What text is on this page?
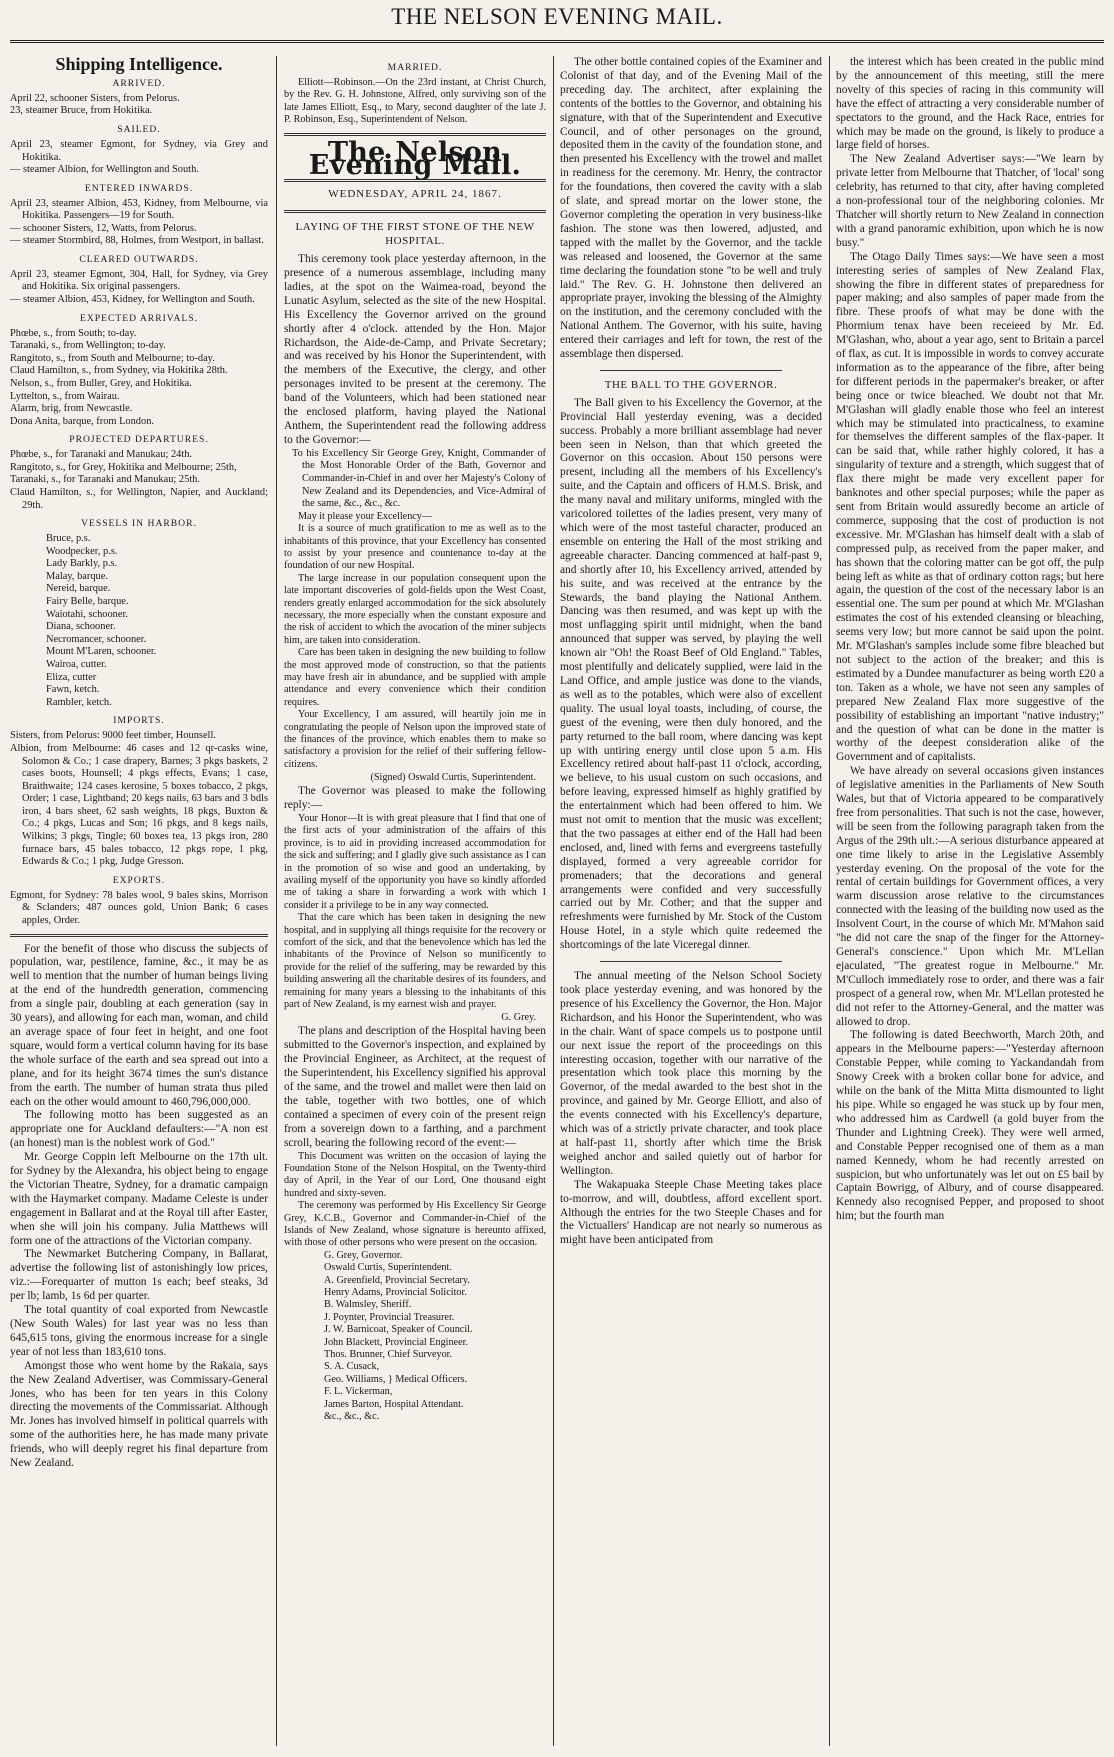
THE NELSON EVENING MAIL.
Shipping Intelligence.
ARRIVED.
April 22, schooner Sisters, from Pelorus.
23, steamer Bruce, from Hokitika.
SAILED.
April 23, steamer Egmont, for Sydney, via Grey and Hokitika.
— steamer Albion, for Wellington and South.
ENTERED INWARDS.
April 23, steamer Albion, 453, Kidney, from Melbourne, via Hokitika. Passengers—19 for South.
— schooner Sisters, 12, Watts, from Pelorus.
— steamer Stormbird, 88, Holmes, from Westport, in ballast.
CLEARED OUTWARDS.
April 23, steamer Egmont, 304, Hall, for Sydney, via Grey and Hokitika. Six original passengers.
— steamer Albion, 453, Kidney, for Wellington and South.
EXPECTED ARRIVALS.
Phœbe, s., from South; to-day.
Taranaki, s., from Wellington; to-day.
Rangitoto, s., from South and Melbourne; to-day.
Claud Hamilton, s., from Sydney, via Hokitika 28th.
Nelson, s., from Buller, Grey, and Hokitika.
Lyttelton, s., from Wairau.
Alarm, brig, from Newcastle.
Dona Anita, barque, from London.
PROJECTED DEPARTURES.
Phœbe, s., for Taranaki and Manukau; 24th.
Rangitoto, s., for Grey, Hokitika and Melbourne; 25th,
Taranaki, s., for Taranaki and Manukau; 25th.
Claud Hamilton, s., for Wellington, Napier, and Auckland; 29th.
VESSELS IN HARBOR.
Bruce, p.s.
Woodpecker, p.s.
Lady Barkly, p.s.
Malay, barque.
Nereid, barque.
Fairy Belle, barque.
Waiotahi, schooner.
Diana, schooner.
Necromancer, schooner.
Mount M'Laren, schooner.
Wairoa, cutter.
Eliza, cutter
Fawn, ketch.
Rambler, ketch.
IMPORTS.
Sisters, from Pelorus: 9000 feet timber, Hounsell.
Albion, from Melbourne: 46 cases and 12 qr-casks wine, Solomon & Co.; 1 case drapery, Barnes; 3 pkgs baskets, 2 cases boots, Hounsell; 4 pkgs effects, Evans; 1 case, Braithwaite; 124 cases kerosine, 5 boxes tobacco, 2 pkgs, Order; 1 case, Lightband; 20 kegs nails, 63 bars and 3 bdls iron, 4 bars sheet, 62 sash weights, 18 pkgs, Buxton & Co.; 4 pkgs, Lucas and Son; 16 pkgs, and 8 kegs nails, Wilkins; 3 pkgs, Tingle; 60 boxes tea, 13 pkgs iron, 280 furnace bars, 45 bales tobacco, 12 pkgs rope, 1 pkg, Edwards & Co.; 1 pkg, Judge Gresson.
EXPORTS.
Egmont, for Sydney: 78 bales wool, 9 bales skins, Morrison & Sclanders; 487 ounces gold, Union Bank; 6 cases apples, Order.

For the benefit of those who discuss the subjects of population, war, pestilence, famine, &c., it may be as well to mention that the number of human beings living at the end of the hundredth generation, commencing from a single pair, doubling at each generation (say in 30 years), and allowing for each man, woman, and child an average space of four feet in height, and one foot square, would form a vertical column having for its base the whole surface of the earth and sea spread out into a plane, and for its height 3674 times the sun's distance from the earth. The number of human strata thus piled each on the other would amount to 460,796,000,000.

The following motto has been suggested as an appropriate one for Auckland defaulters:—"A non est (an honest) man is the noblest work of God."

Mr. George Coppin left Melbourne on the 17th ult. for Sydney by the Alexandra, his object being to engage the Victorian Theatre, Sydney, for a dramatic campaign with the Haymarket company. Madame Celeste is under engagement in Ballarat and at the Royal till after Easter, when she will join his company. Julia Matthews will form one of the attractions of the Victorian company.

The Newmarket Butchering Company, in Ballarat, advertise the following list of astonishingly low prices, viz.:—Forequarter of mutton 1s each; beef steaks, 3d per lb; lamb, 1s 6d per quarter.

The total quantity of coal exported from Newcastle (New South Wales) for last year was no less than 645,615 tons, giving the enormous increase for a single year of not less than 183,610 tons.

Amongst those who went home by the Rakaia, says the New Zealand Advertiser, was Commissary-General Jones, who has been for ten years in this Colony directing the movements of the Commissariat. Although Mr. Jones has involved himself in political quarrels with some of the authorities here, he has made many private friends, who will deeply regret his final departure from New Zealand.

MARRIED.

Elliott—Robinson.—On the 23rd instant, at Christ Church, by the Rev. G. H. Johnstone, Alfred, only surviving son of the late James Elliott, Esq., to Mary, second daughter of the late J. P. Robinson, Esq., Superintendent of Nelson.

The Nelson Evening Mail.
WEDNESDAY, APRIL 24, 1867.
LAYING OF THE FIRST STONE OF THE NEW HOSPITAL.

This ceremony took place yesterday afternoon, in the presence of a numerous assemblage, including many ladies, at the spot on the Waimea-road, beyond the Lunatic Asylum, selected as the site of the new Hospital. His Excellency the Governor arrived on the ground shortly after 4 o'clock. attended by the Hon. Major Richardson, the Aide-de-Camp, and Private Secretary; and was received by his Honor the Superintendent, with the members of the Executive, the clergy, and other personages invited to be present at the ceremony. The band of the Volunteers, which had been stationed near the enclosed platform, having played the National Anthem, the Superintendent read the following address to the Governor:—

To his Excellency Sir George Grey, Knight, Commander of the Most Honorable Order of the Bath, Governor and Commander-in-Chief in and over her Majesty's Colony of New Zealand and its Dependencies, and Vice-Admiral of the same, &c., &c., &c.

May it please your Excellency—

It is a source of much gratification to me as well as to the inhabitants of this province, that your Excellency has consented to assist by your presence and countenance to-day at the foundation of our new Hospital.

The large increase in our population consequent upon the late important discoveries of gold-fields upon the West Coast, renders greatly enlarged accommodation for the sick absolutely necessary, the more especially when the constant exposure and the risk of accident to which the avocation of the miner subjects him, are taken into consideration.

Care has been taken in designing the new building to follow the most approved mode of construction, so that the patients may have fresh air in abundance, and be supplied with ample attendance and every convenience which their condition requires.

Your Excellency, I am assured, will heartily join me in congratulating the people of Nelson upon the improved state of the finances of the province, which enables them to make so satisfactory a provision for the relief of their suffering fellow-citizens.

(Signed) Oswald Curtis, Superintendent.

The Governor was pleased to make the following reply:—

Your Honor—It is with great pleasure that I find that one of the first acts of your administration of the affairs of this province, is to aid in providing increased accommodation for the sick and suffering; and I gladly give such assistance as I can in the promotion of so wise and good an undertaking, by availing myself of the opportunity you have so kindly afforded me of taking a share in forwarding a work with which I consider it a privilege to be in any way connected.

That the care which has been taken in designing the new hospital, and in supplying all things requisite for the recovery or comfort of the sick, and that the benevolence which has led the inhabitants of the Province of Nelson so munificently to provide for the relief of the suffering, may be rewarded by this building answering all the charitable desires of its founders, and remaining for many years a blessing to the inhabitants of this part of New Zealand, is my earnest wish and prayer.

G. Grey.

The plans and description of the Hospital having been submitted to the Governor's inspection, and explained by the Provincial Engineer, as Architect, at the request of the Superintendent, his Excellency signified his approval of the same, and the trowel and mallet were then laid on the table, together with two bottles, one of which contained a specimen of every coin of the present reign from a sovereign down to a farthing, and a parchment scroll, bearing the following record of the event:—

This Document was written on the occasion of laying the Foundation Stone of the Nelson Hospital, on the Twenty-third day of April, in the Year of our Lord, One thousand eight hundred and sixty-seven.

The ceremony was performed by His Excellency Sir George Grey, K.C.B., Governor and Commander-in-Chief of the Islands of New Zealand, whose signature is hereunto affixed, with those of other persons who were present on the occasion.

G. Grey, Governor.
Oswald Curtis, Superintendent.
A. Greenfield, Provincial Secretary.
Henry Adams, Provincial Solicitor.
B. Walmsley, Sheriff.
J. Poynter, Provincial Treasurer.
J. W. Barnicoat, Speaker of Council.
John Blackett, Provincial Engineer.
Thos. Brunner, Chief Surveyor.
S. A. Cusack,
Geo. Williams, } Medical Officers.
F. L. Vickerman,
James Barton, Hospital Attendant.
&c., &c., &c.

The other bottle contained copies of the Examiner and Colonist of that day, and of the Evening Mail of the preceding day. The architect, after explaining the contents of the bottles to the Governor, and obtaining his signature, with that of the Superintendent and Executive Council, and of other personages on the ground, deposited them in the cavity of the foundation stone, and then presented his Excellency with the trowel and mallet in readiness for the ceremony. Mr. Henry, the contractor for the foundations, then covered the cavity with a slab of slate, and spread mortar on the lower stone, the Governor completing the operation in very business-like fashion. The stone was then lowered, adjusted, and tapped with the mallet by the Governor, and the tackle was released and loosened, the Governor at the same time declaring the foundation stone "to be well and truly laid." The Rev. G. H. Johnstone then delivered an appropriate prayer, invoking the blessing of the Almighty on the institution, and the ceremony concluded with the National Anthem. The Governor, with his suite, having entered their carriages and left for town, the rest of the assemblage then dispersed.

THE BALL TO THE GOVERNOR.

The Ball given to his Excellency the Governor, at the Provincial Hall yesterday evening, was a decided success. Probably a more brilliant assemblage had never been seen in Nelson, than that which greeted the Governor on this occasion. About 150 persons were present, including all the members of his Excellency's suite, and the Captain and officers of H.M.S. Brisk, and the many naval and military uniforms, mingled with the varicolored toilettes of the ladies present, very many of which were of the most tasteful character, produced an ensemble on entering the Hall of the most striking and agreeable character. Dancing commenced at half-past 9, and shortly after 10, his Excellency arrived, attended by his suite, and was received at the entrance by the Stewards, the band playing the National Anthem. Dancing was then resumed, and was kept up with the most unflagging spirit until midnight, when the band announced that supper was served, by playing the well known air "Oh! the Roast Beef of Old England." Tables, most plentifully and delicately supplied, were laid in the Land Office, and ample justice was done to the viands, as well as to the potables, which were also of excellent quality. The usual loyal toasts, including, of course, the guest of the evening, were then duly honored, and the party returned to the ball room, where dancing was kept up with untiring energy until close upon 5 a.m. His Excellency retired about half-past 11 o'clock, according, we believe, to his usual custom on such occasions, and before leaving, expressed himself as highly gratified by the entertainment which had been offered to him. We must not omit to mention that the music was excellent; that the two passages at either end of the Hall had been enclosed, and, lined with ferns and evergreens tastefully displayed, formed a very agreeable corridor for promenaders; that the decorations and general arrangements were confided and very successfully carried out by Mr. Cother; and that the supper and refreshments were furnished by Mr. Stock of the Custom House Hotel, in a style which quite redeemed the shortcomings of the late Viceregal dinner.

The annual meeting of the Nelson School Society took place yesterday evening, and was honored by the presence of his Excellency the Governor, the Hon. Major Richardson, and his Honor the Superintendent, who was in the chair. Want of space compels us to postpone until our next issue the report of the proceedings on this interesting occasion, together with our narrative of the presentation which took place this morning by the Governor, of the medal awarded to the best shot in the province, and gained by Mr. George Elliott, and also of the events connected with his Excellency's departure, which was of a strictly private character, and took place at half-past 11, shortly after which time the Brisk weighed anchor and sailed quietly out of harbor for Wellington.

The Wakapuaka Steeple Chase Meeting takes place to-morrow, and will, doubtless, afford excellent sport. Although the entries for the two Steeple Chases and for the Victuallers' Handicap are not nearly so numerous as might have been anticipated from

the interest which has been created in the public mind by the announcement of this meeting, still the mere novelty of this species of racing in this community will have the effect of attracting a very considerable number of spectators to the ground, and the Hack Race, entries for which may be made on the ground, is likely to produce a large field of horses.

The New Zealand Advertiser says:—"We learn by private letter from Melbourne that Thatcher, of 'local' song celebrity, has returned to that city, after having completed a non-professional tour of the neighboring colonies. Mr Thatcher will shortly return to New Zealand in connection with a grand panoramic exhibition, upon which he is now busy."

The Otago Daily Times says:—We have seen a most interesting series of samples of New Zealand Flax, showing the fibre in different states of preparedness for paper making; and also samples of paper made from the fibre. These proofs of what may be done with the Phormium tenax have been receieed by Mr. Ed. M'Glashan, who, about a year ago, sent to Britain a parcel of flax, as cut. It is impossible in words to convey accurate information as to the appearance of the fibre, after being for different periods in the papermaker's breaker, or after being once or twice bleached. We doubt not that Mr. M'Glashan will gladly enable those who feel an interest which may be stimulated into practicalness, to examine for themselves the different samples of the flax-paper. It can be said that, while rather highly colored, it has a singularity of texture and a strength, which suggest that of flax there might be made very excellent paper for banknotes and other special purposes; while the paper as sent from Britain would assuredly become an article of commerce, supposing that the cost of production is not excessive. Mr. M'Glashan has himself dealt with a slab of compressed pulp, as received from the paper maker, and has shown that the coloring matter can be got off, the pulp being left as white as that of ordinary cotton rags; but here again, the question of the cost of the necessary labor is an essential one. The sum per pound at which Mr. M'Glashan estimates the cost of his extended cleansing or bleaching, seems very low; but more cannot be said upon the point. Mr. M'Glashan's samples include some fibre bleached but not subject to the action of the breaker; and this is estimated by a Dundee manufacturer as being worth £20 a ton. Taken as a whole, we have not seen any samples of prepared New Zealand Flax more suggestive of the possibility of establishing an important "native industry;" and the question of what can be done in the matter is worthy of the deepest consideration alike of the Government and of capitalists.

We have already on several occasions given instances of legislative amenities in the Parliaments of New South Wales, but that of Victoria appeared to be comparatively free from personalities. That such is not the case, however, will be seen from the following paragraph taken from the Argus of the 29th ult.:—A serious disturbance appeared at one time likely to arise in the Legislative Assembly yesterday evening. On the proposal of the vote for the rental of certain buildings for Government offices, a very warm discussion arose relative to the circumstances connected with the leasing of the building now used as the Insolvent Court, in the course of which Mr. M'Mahon said "he did not care the snap of the finger for the Attorney-General's conscience." Upon which Mr. M'Lellan ejaculated, "The greatest rogue in Melbourne." Mr. M'Culloch immediately rose to order, and there was a fair prospect of a general row, when Mr. M'Lellan protested he did not refer to the Attorney-General, and the matter was allowed to drop.

The following is dated Beechworth, March 20th, and appears in the Melbourne papers:—"Yesterday afternoon Constable Pepper, while coming to Yackandandah from Snowy Creek with a broken collar bone for advice, and while on the bank of the Mitta Mitta dismounted to light his pipe. While so engaged he was stuck up by four men, who addressed him as Cardwell (a gold buyer from the Thunder and Lightning Creek). They were well armed, and Constable Pepper recognised one of them as a man named Kennedy, whom he had recently arrested on suspicion, but who unfortunately was let out on £5 bail by Captain Bowrigg, of Albury, and of course disappeared. Kennedy also recognised Pepper, and proposed to shoot him; but the fourth man
